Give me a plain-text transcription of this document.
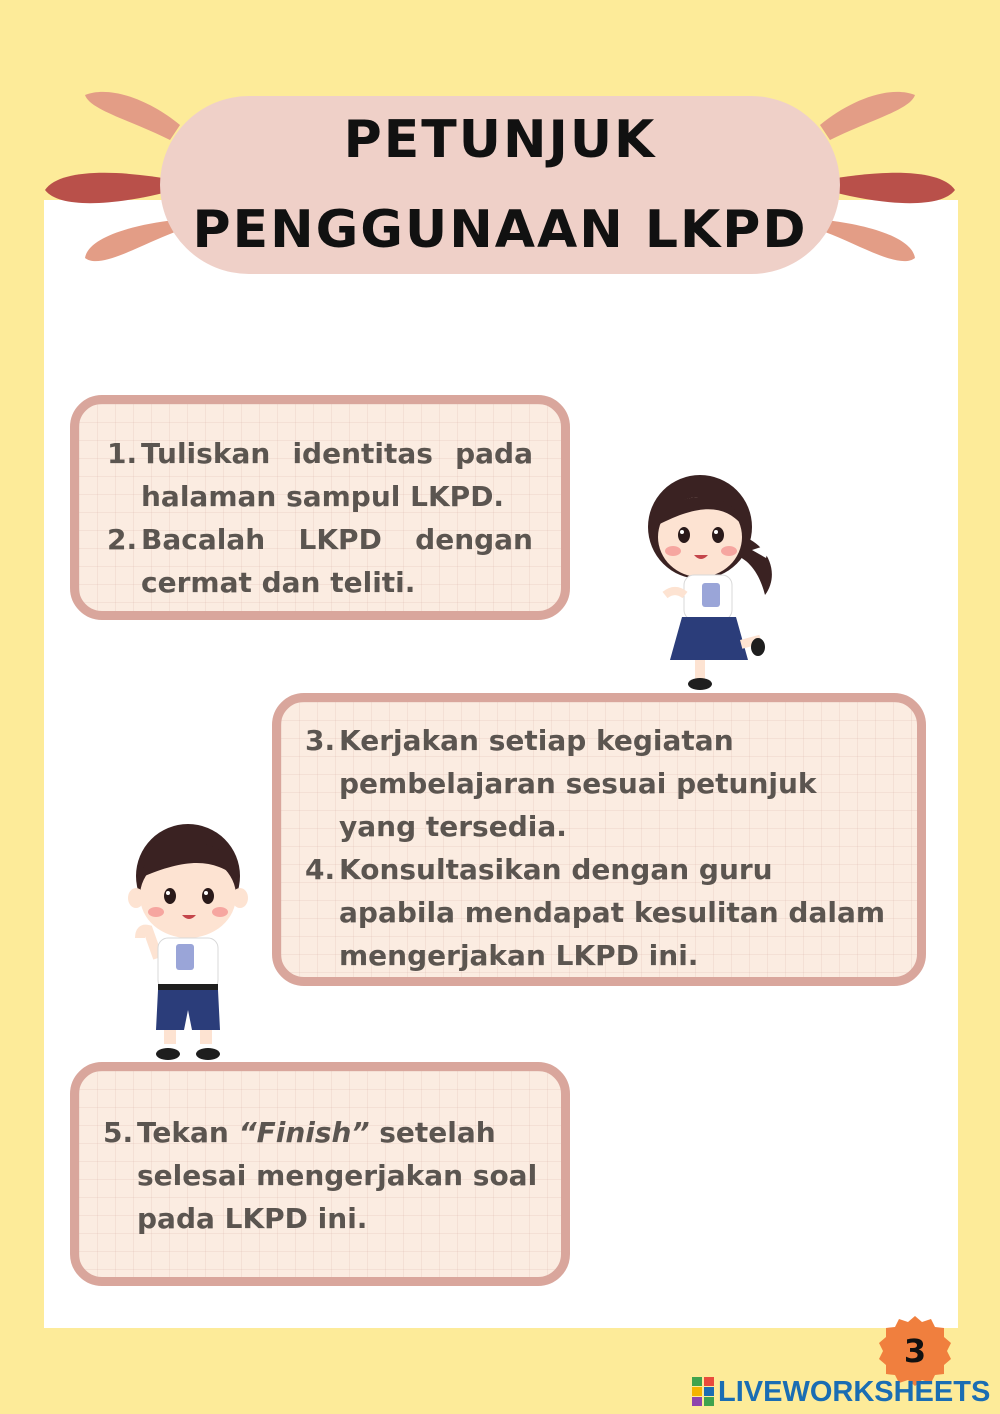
PETUNJUK
PENGGUNAAN LKPD
1. Tuliskan identitas pada halaman sampul LKPD.
2. Bacalah LKPD dengan cermat dan teliti.
3. Kerjakan setiap kegiatan pembelajaran sesuai petunjuk yang tersedia.
4. Konsultasikan dengan guru apabila mendapat kesulitan dalam mengerjakan LKPD ini.
5. Tekan “Finish” setelah selesai mengerjakan soal pada LKPD ini.
3
LIVEWORKSHEETS
